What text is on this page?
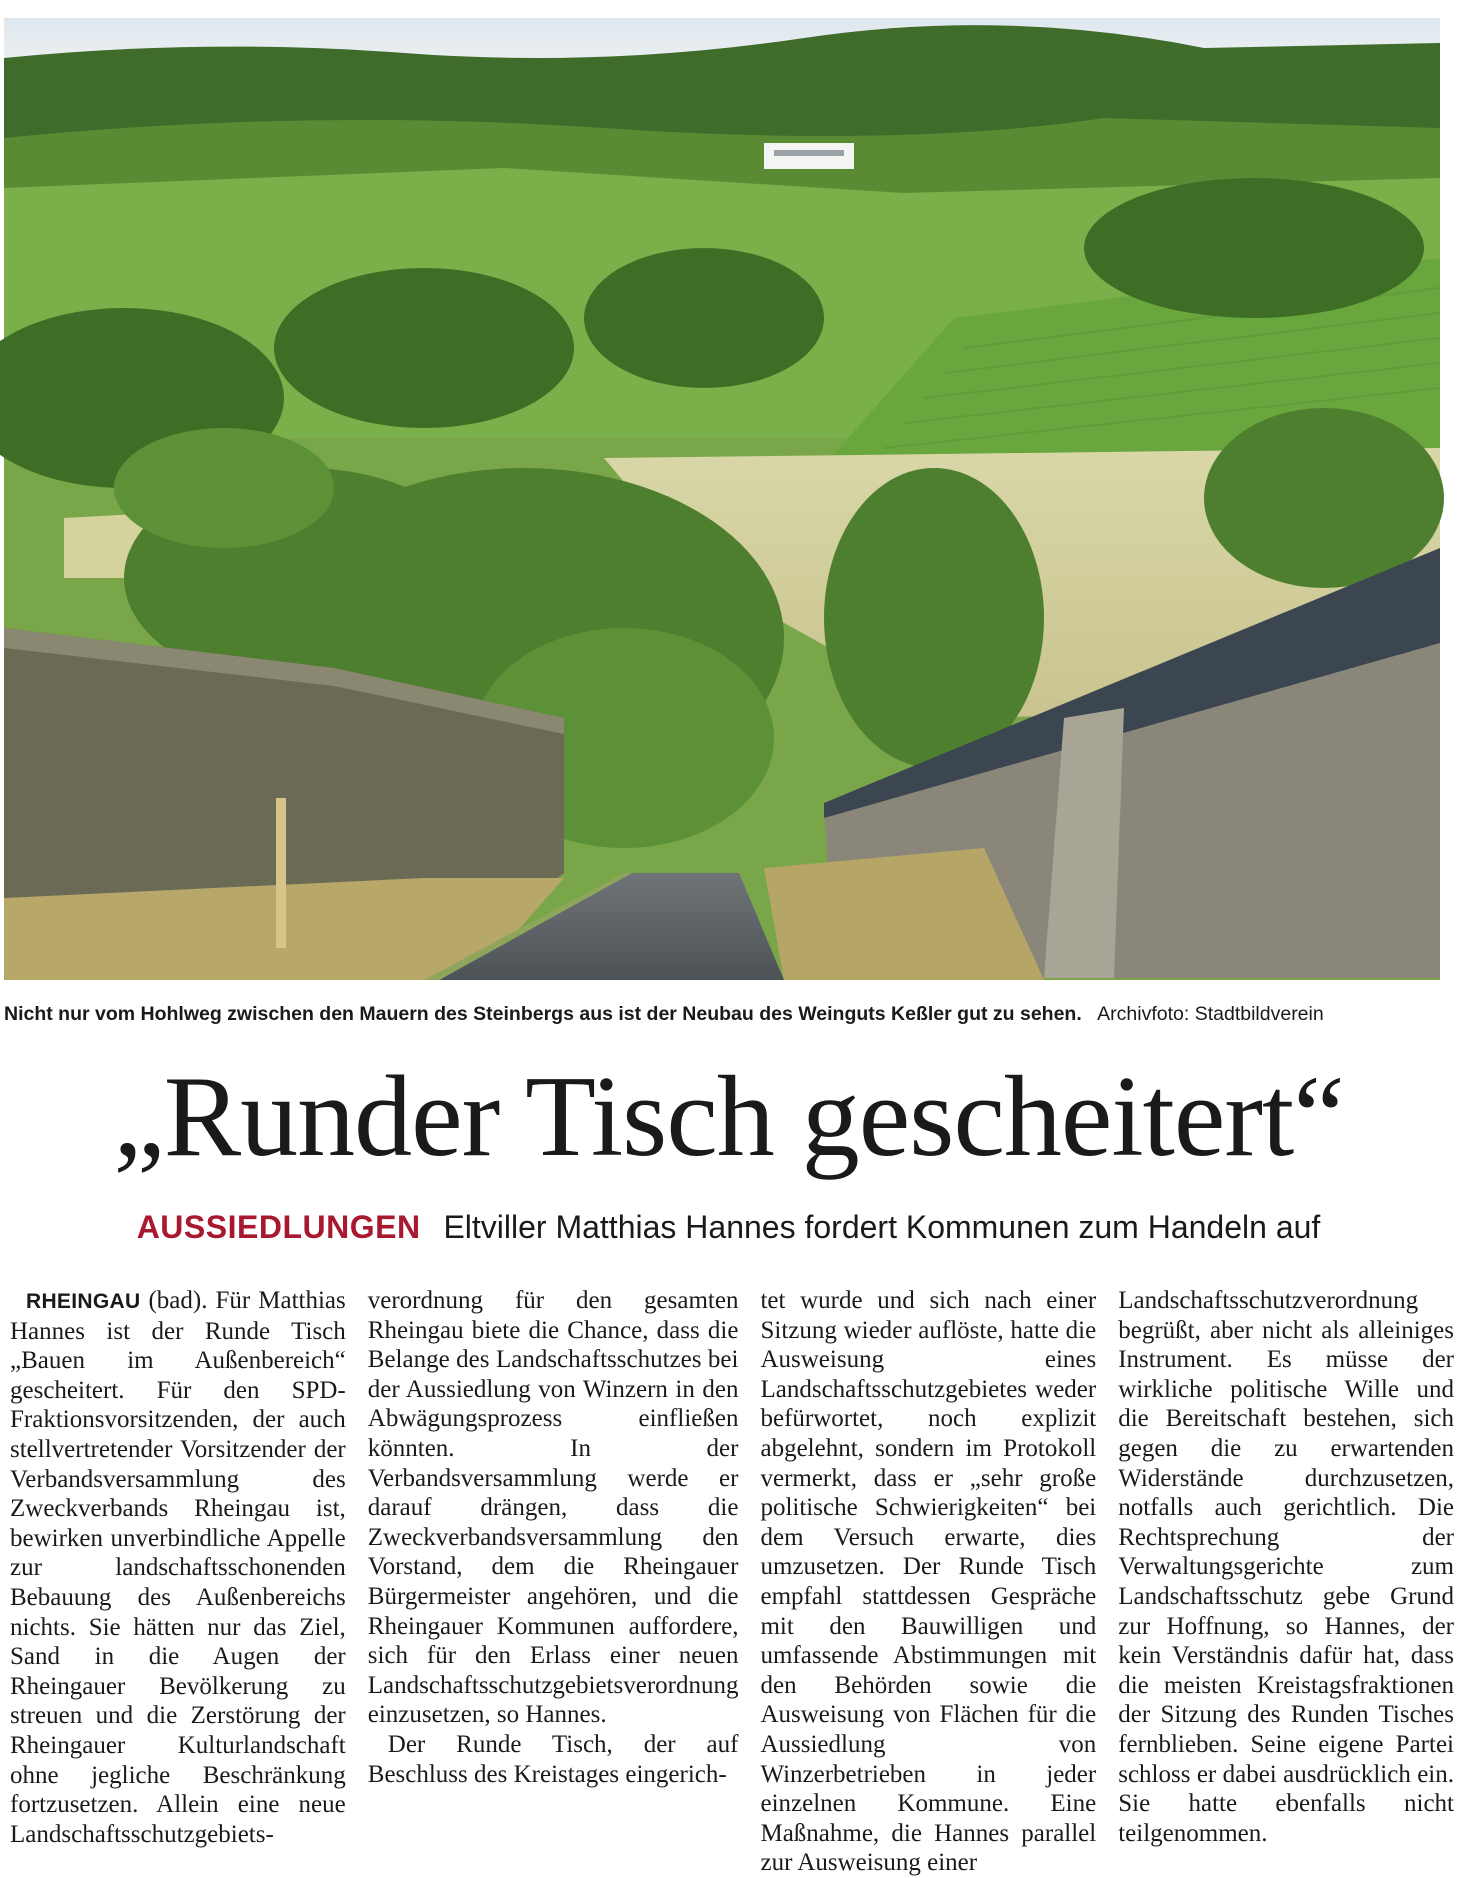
Nicht nur vom Hohlweg zwischen den Mauern des Steinbergs aus ist der Neubau des Weinguts Keßler gut zu sehen. Archivfoto: Stadtbildverein
„Runder Tisch gescheitert“
AUSSIEDLUNGEN Eltviller Matthias Hannes fordert Kommunen zum Handeln auf

RHEINGAU (bad). Für Matthias Hannes ist der Runde Tisch „Bauen im Außenbereich“ gescheitert. Für den SPD-Fraktionsvorsitzenden, der auch stellvertretender Vorsitzender der Verbandsversammlung des Zweckverbands Rheingau ist, bewirken unverbindliche Appelle zur landschaftsschonenden Bebauung des Außenbereichs nichts. Sie hätten nur das Ziel, Sand in die Augen der Rheingauer Bevölkerung zu streuen und die Zerstörung der Rheingauer Kulturlandschaft ohne jegliche Beschränkung fortzusetzen. Allein eine neue Landschaftsschutzgebiets-

verordnung für den gesamten Rheingau biete die Chance, dass die Belange des Landschaftsschutzes bei der Aussiedlung von Winzern in den Abwägungsprozess einfließen könnten. In der Verbandsversammlung werde er darauf drängen, dass die Zweckverbandsversammlung den Vorstand, dem die Rheingauer Bürgermeister angehören, und die Rheingauer Kommunen auffordere, sich für den Erlass einer neuen Landschaftsschutzgebietsverordnung einzusetzen, so Hannes.

Der Runde Tisch, der auf Beschluss des Kreistages eingerich-

tet wurde und sich nach einer Sitzung wieder auflöste, hatte die Ausweisung eines Landschaftsschutzgebietes weder befürwortet, noch explizit abgelehnt, sondern im Protokoll vermerkt, dass er „sehr große politische Schwierigkeiten“ bei dem Versuch erwarte, dies umzusetzen. Der Runde Tisch empfahl stattdessen Gespräche mit den Bauwilligen und umfassende Abstimmungen mit den Behörden sowie die Ausweisung von Flächen für die Aussiedlung von Winzerbetrieben in jeder einzelnen Kommune. Eine Maßnahme, die Hannes parallel zur Ausweisung einer

Landschaftsschutzverordnung begrüßt, aber nicht als alleiniges Instrument. Es müsse der wirkliche politische Wille und die Bereitschaft bestehen, sich gegen die zu erwartenden Widerstände durchzusetzen, notfalls auch gerichtlich. Die Rechtsprechung der Verwaltungsgerichte zum Landschaftsschutz gebe Grund zur Hoffnung, so Hannes, der kein Verständnis dafür hat, dass die meisten Kreistagsfraktionen der Sitzung des Runden Tisches fernblieben. Seine eigene Partei schloss er dabei ausdrücklich ein. Sie hatte ebenfalls nicht teilgenommen.
